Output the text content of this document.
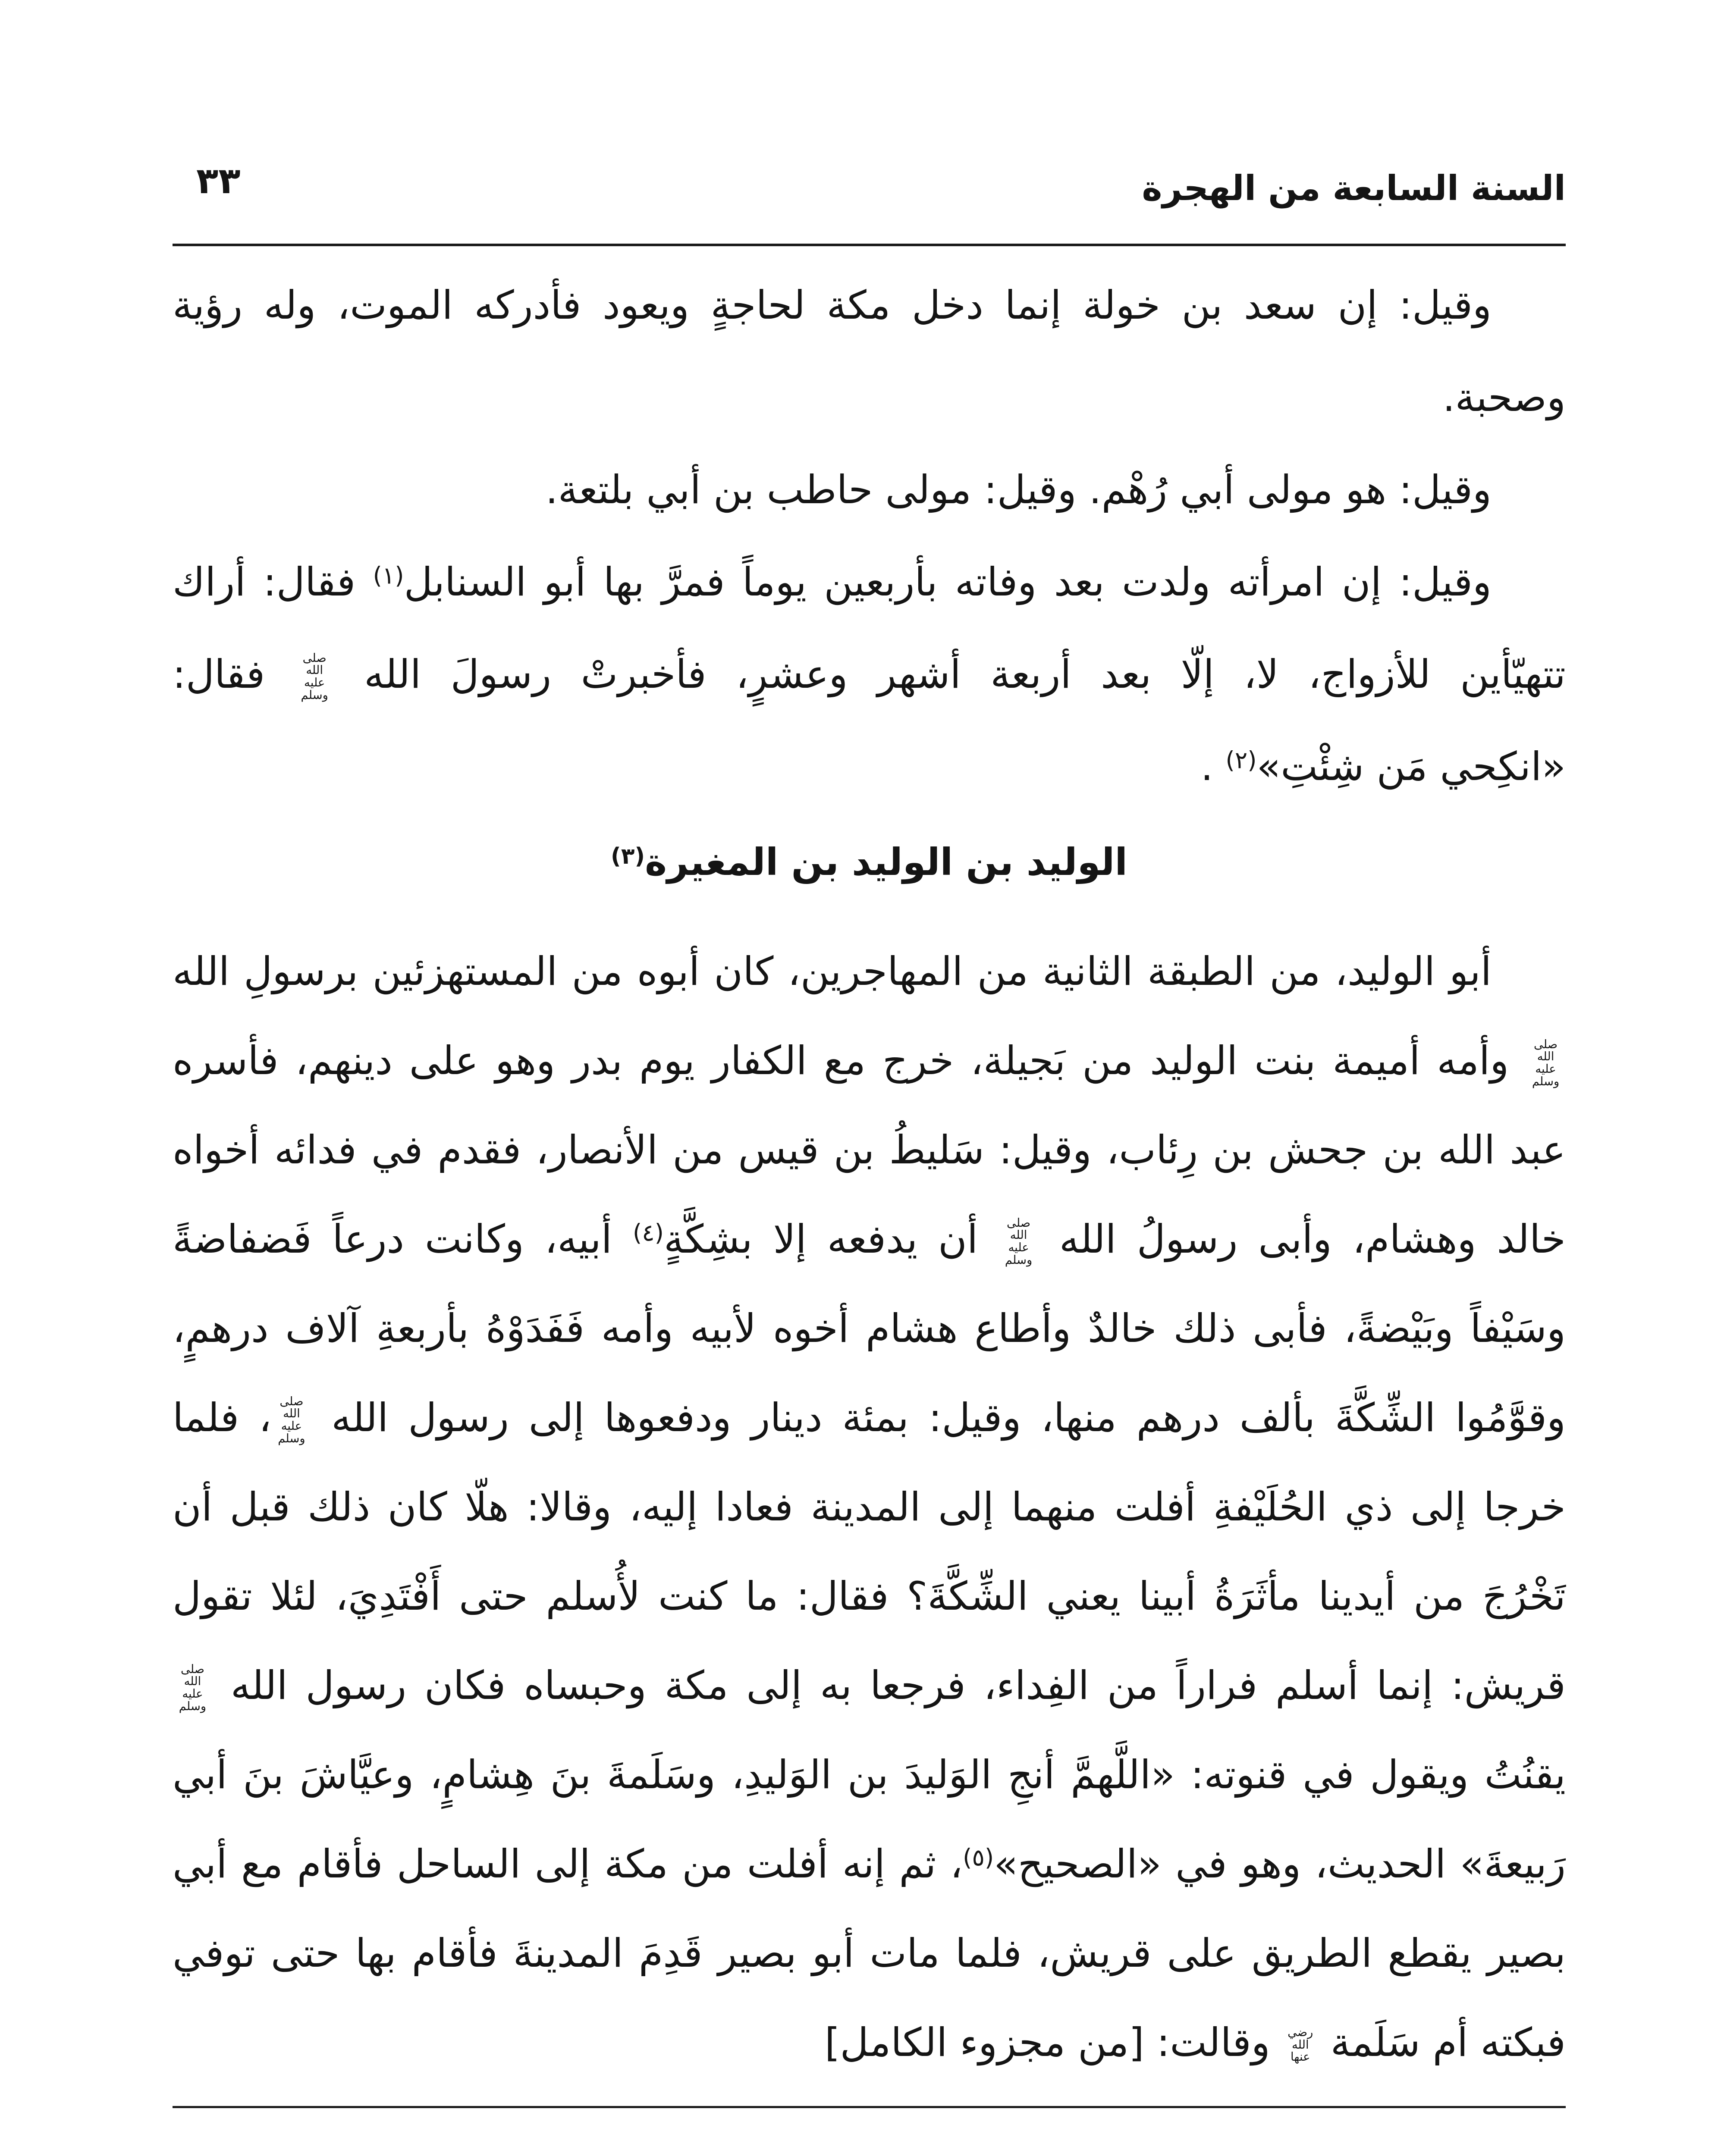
السنة السابعة من الهجرة
٣٣
وقيل: إن سعد بن خولة إنما دخل مكة لحاجةٍ ويعود فأدركه الموت، وله رؤية
وصحبة.
وقيل: هو مولى أبي رُهْم. وقيل: مولى حاطب بن أبي بلتعة.
وقيل: إن امرأته ولدت بعد وفاته بأربعين يوماً فمرَّ بها أبو السنابل$^{(١)}$ فقال: أراك
تتهيّأين للأزواج، لا، إلّا بعد أربعة أشهر وعشرٍ، فأخبرتْ رسولَ الله صلى الله عليه وسلم فقال:
«انكِحي مَن شِئْتِ»$^{(٢)}$ .
الوليد بن الوليد بن المغيرة$^{(٣)}$
أبو الوليد، من الطبقة الثانية من المهاجرين، كان أبوه من المستهزئين برسولِ الله
صلى الله عليه وسلم وأمه أميمة بنت الوليد من بَجيلة، خرج مع الكفار يوم بدر وهو على دينهم، فأسره
عبد الله بن جحش بن رِئاب، وقيل: سَليطُ بن قيس من الأنصار، فقدم في فدائه أخواه
خالد وهشام، وأبى رسولُ الله صلى الله عليه وسلم أن يدفعه إلا بشِكَّةٍ$^{(٤)}$ أبيه، وكانت درعاً فَضفاضةً
وسَيْفاً وبَيْضةً، فأبى ذلك خالدٌ وأطاع هشام أخوه لأبيه وأمه فَفَدَوْهُ بأربعةِ آلاف درهمٍ،
وقوَّمُوا الشِّكَّةَ بألف درهم منها، وقيل: بمئة دينار ودفعوها إلى رسول الله صلى الله عليه وسلم، فلما
خرجا إلى ذي الحُلَيْفةِ أفلت منهما إلى المدينة فعادا إليه، وقالا: هلّا كان ذلك قبل أن
تَخْرُجَ من أيدينا مأثَرَةُ أبينا يعني الشِّكَّةَ؟ فقال: ما كنت لأُسلم حتى أَفْتَدِيَ، لئلا تقول
قريش: إنما أسلم فراراً من الفِداء، فرجعا به إلى مكة وحبساه فكان رسول الله صلى الله عليه وسلم
يقنُتُ ويقول في قنوته: «اللَّهمَّ أنجِ الوَليدَ بن الوَليدِ، وسَلَمةَ بنَ هِشامٍ، وعيَّاشَ بنَ أبي
رَبيعةَ» الحديث، وهو في «الصحيح»$^{(٥)}$، ثم إنه أفلت من مكة إلى الساحل فأقام مع أبي
بصير يقطع الطريق على قريش، فلما مات أبو بصير قَدِمَ المدينةَ فأقام بها حتى توفي
فبكته أم سَلَمة رضي الله عنها وقالت: [من مجزوء الكامل]
